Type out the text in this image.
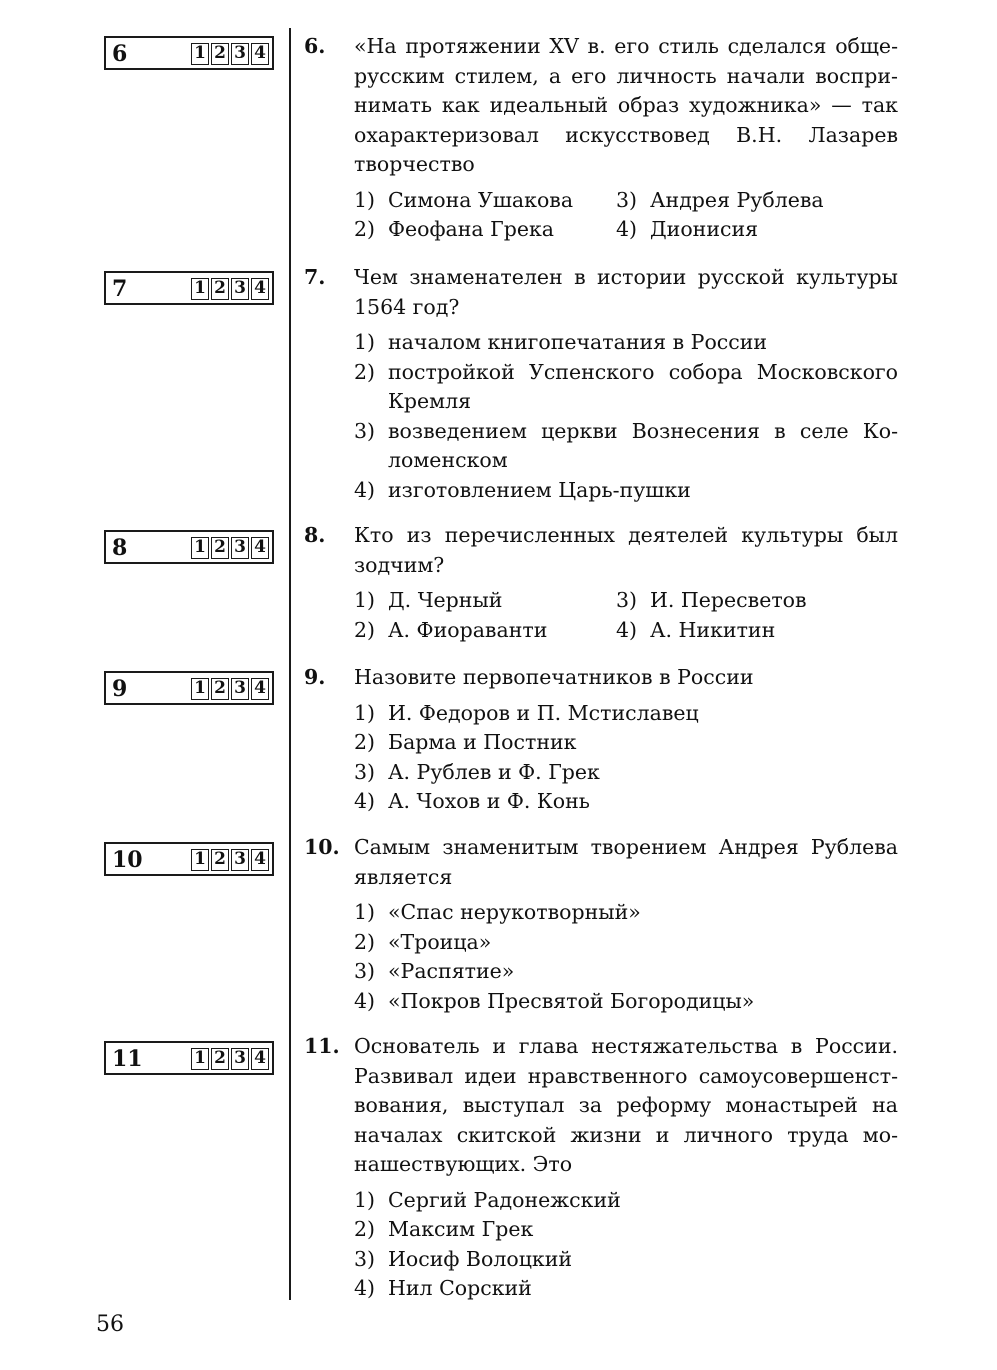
6	1 2 3 4
7	1 2 3 4
8	1 2 3 4
9	1 2 3 4
10	1 2 3 4
11	1 2 3 4
6.	«На протяжении XV в. его стиль сделался обще-русским стилем, а его личность начали воспри-нимать как идеальный образ художника» — так охарактеризовал искусствовед В.Н. Лазарев творчество
1) Симона Ушакова	3) Андрея Рублева
2) Феофана Грека	4) Дионисия
7.	Чем знаменателен в истории русской культуры 1564 год?
1) началом книгопечатания в России
2) постройкой Успенского собора Московского Кремля
3) возведением церкви Вознесения в селе Ко-ломенском
4) изготовлением Царь-пушки
8.	Кто из перечисленных деятелей культуры был зодчим?
1) Д. Черный	3) И. Пересветов
2) А. Фиораванти	4) А. Никитин
9.	Назовите первопечатников в России
1) И. Федоров и П. Мстиславец
2) Барма и Постник
3) А. Рублев и Ф. Грек
4) А. Чохов и Ф. Конь
10. Самым знаменитым творением Андрея Рублева является
1) «Спас нерукотворный»
2) «Троица»
3) «Распятие»
4) «Покров Пресвятой Богородицы»
11. Основатель и глава нестяжательства в России. Развивал идеи нравственного самоусовершенст-вования, выступал за реформу монастырей на началах скитской жизни и личного труда мо-нашествующих. Это
1) Сергий Радонежский
2) Максим Грек
3) Иосиф Волоцкий
4) Нил Сорский
56
